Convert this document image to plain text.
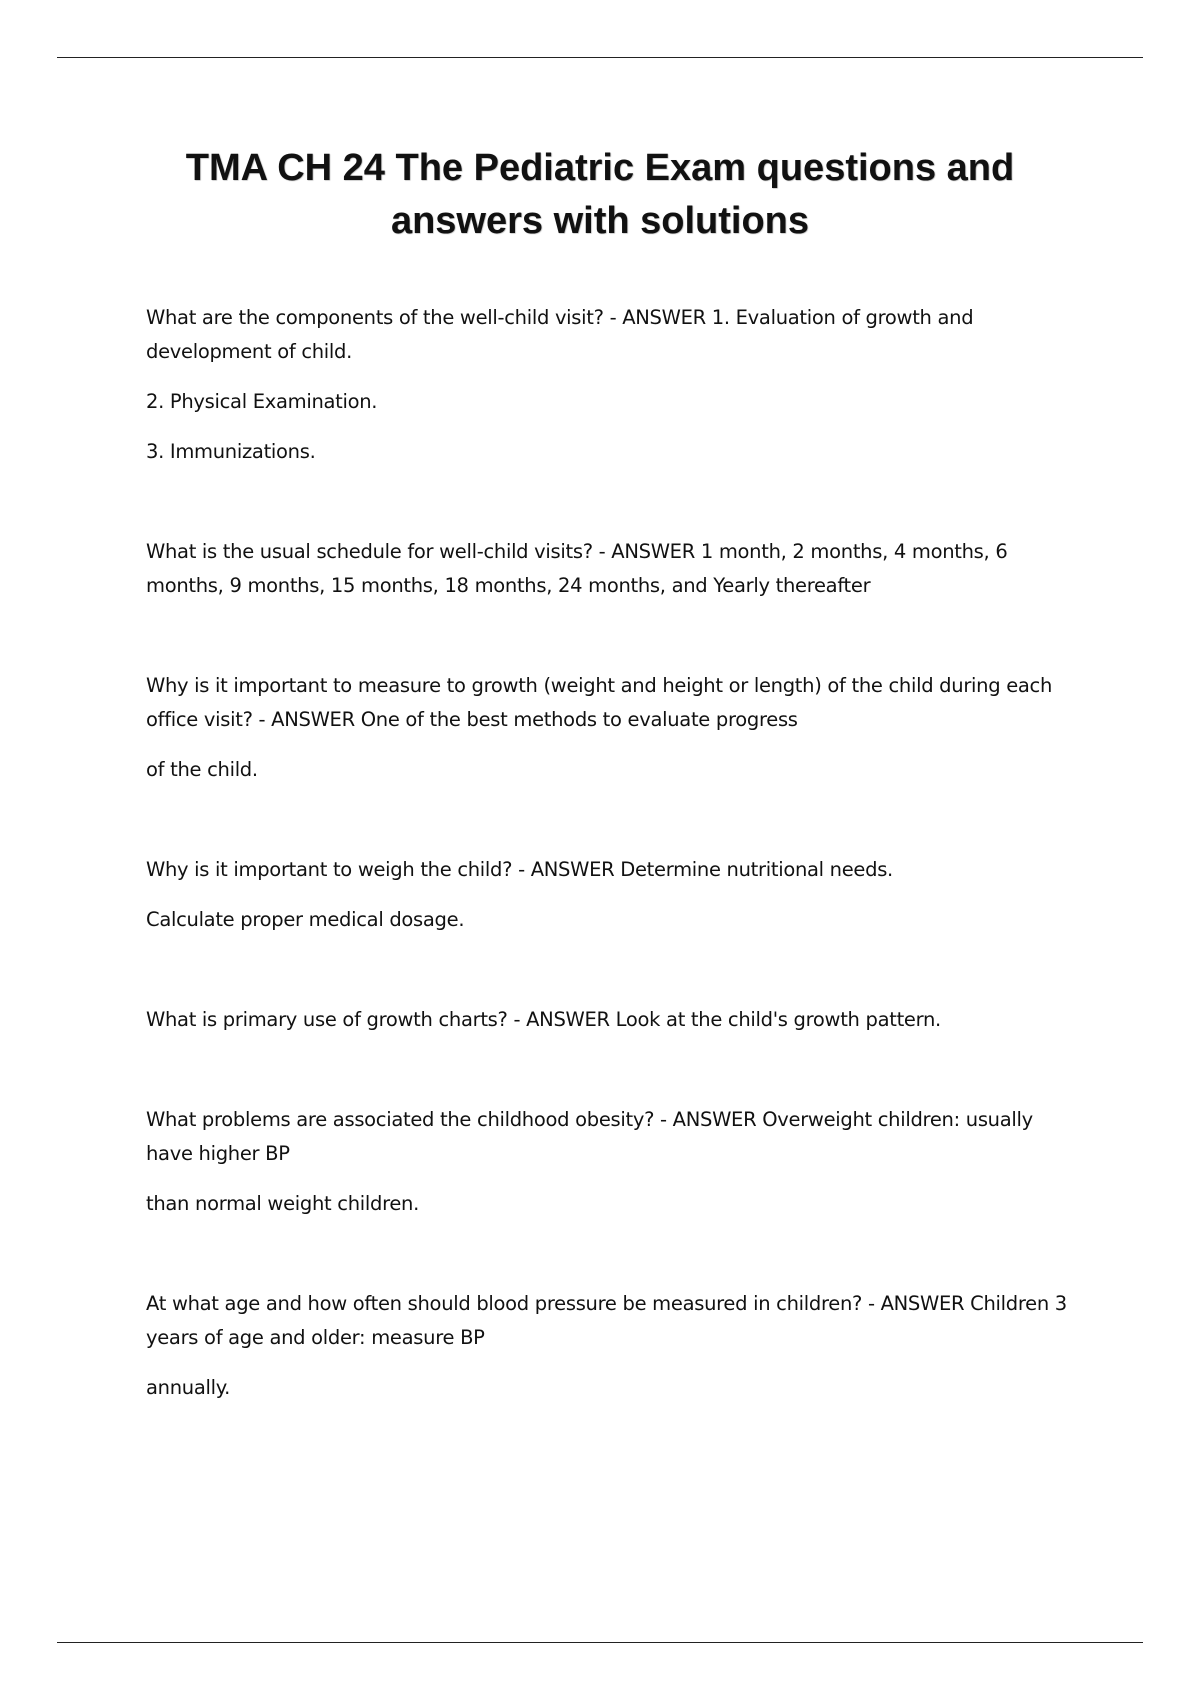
TMA CH 24 The Pediatric Exam questions and
answers with solutions

What are the components of the well-child visit? - ANSWER 1. Evaluation of growth and development of child.

2. Physical Examination.

3. Immunizations.

What is the usual schedule for well-child visits? - ANSWER 1 month, 2 months, 4 months, 6 months, 9 months, 15 months, 18 months, 24 months, and Yearly thereafter

Why is it important to measure to growth (weight and height or length) of the child during each office visit? - ANSWER One of the best methods to evaluate progress

of the child.

Why is it important to weigh the child? - ANSWER Determine nutritional needs.

Calculate proper medical dosage.

What is primary use of growth charts? - ANSWER Look at the child's growth pattern.

What problems are associated the childhood obesity? - ANSWER Overweight children: usually have higher BP

than normal weight children.

At what age and how often should blood pressure be measured in children? - ANSWER Children 3 years of age and older: measure BP

annually.
